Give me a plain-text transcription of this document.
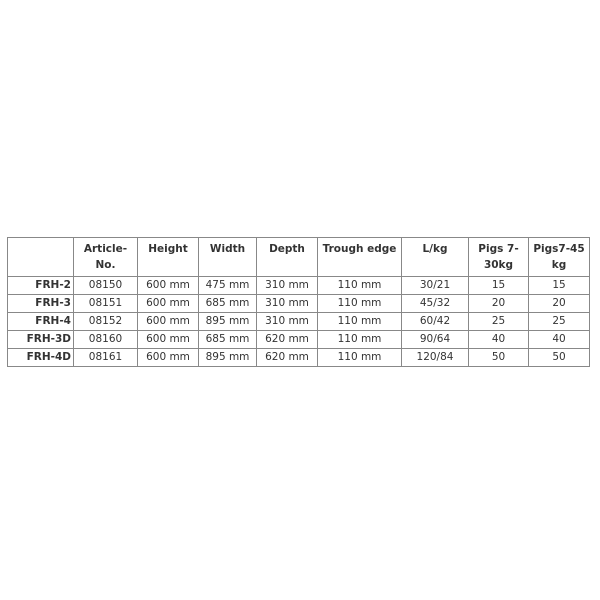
	Article-No.	Height	Width	Depth	Trough edge	L/kg	Pigs 7-30kg	Pigs7-45 kg
FRH-2	08150	600 mm	475 mm	310 mm	110 mm	30/21	15	15
FRH-3	08151	600 mm	685 mm	310 mm	110 mm	45/32	20	20
FRH-4	08152	600 mm	895 mm	310 mm	110 mm	60/42	25	25
FRH-3D	08160	600 mm	685 mm	620 mm	110 mm	90/64	40	40
FRH-4D	08161	600 mm	895 mm	620 mm	110 mm	120/84	50	50
